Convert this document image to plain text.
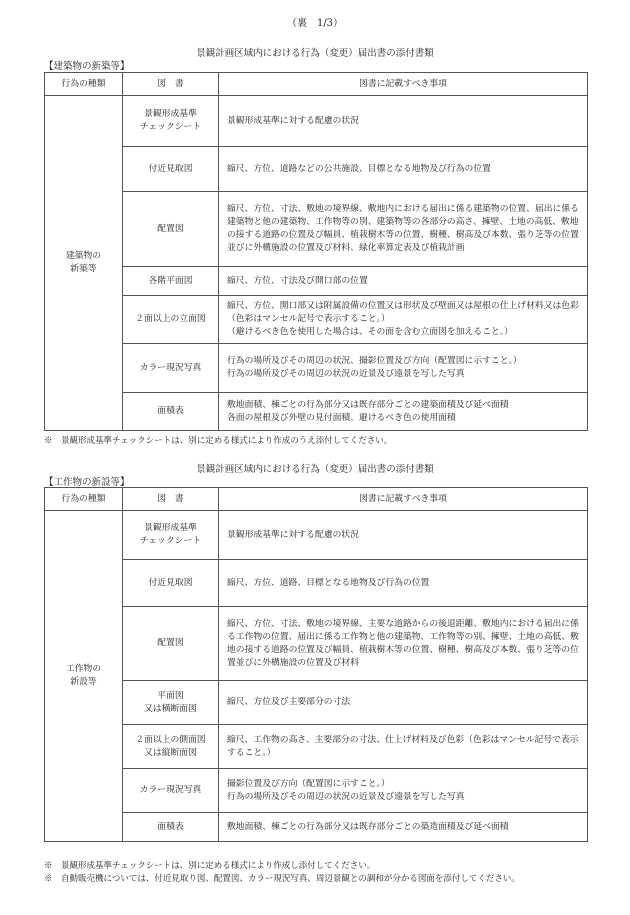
（裏　1/3）
景観計画区域内における行為（変更）届出書の添付書類
【建築物の新築等】
行為の種類	図　書	図書に記載すべき事項
建築物の
新築等	景観形成基準
チェックシート	景観形成基準に対する配慮の状況
	付近見取図	縮尺、方位、道路などの公共施設、目標となる地物及び行為の位置
	配置図	縮尺、方位、寸法、敷地の境界線、敷地内における届出に係る建築物の位置、届出に係る建築物と他の建築物、工作物等の別、建築物等の各部分の高さ、擁壁、土地の高低、敷地の接する道路の位置及び幅員、植栽樹木等の位置、樹種、樹高及び本数、張り芝等の位置並びに外構施設の位置及び材料、緑化率算定表及び植栽計画
	各階平面図	縮尺、方位、寸法及び開口部の位置
	２面以上の立面図	縮尺、方位、開口部又は附属設備の位置又は形状及び壁面又は屋根の仕上げ材料又は色彩（色彩はマンセル記号で表示すること。）
（避けるべき色を使用した場合は、その面を含む立面図を加えること。）
	カラー現況写真	行為の場所及びその周辺の状況、撮影位置及び方向（配置図に示すこと。）
行為の場所及びその周辺の状況の近景及び遠景を写した写真
	面積表	敷地面積、棟ごとの行為部分又は既存部分ごとの建築面積及び延べ面積
各面の屋根及び外壁の見付面積、避けるべき色の使用面積
※　景観形成基準チェックシートは、別に定める様式により作成のうえ添付してください。
景観計画区域内における行為（変更）届出書の添付書類
【工作物の新設等】
行為の種類	図　書	図書に記載すべき事項
工作物の
新設等	景観形成基準
チェックシート	景観形成基準に対する配慮の状況
	付近見取図	縮尺、方位、道路、目標となる地物及び行為の位置
	配置図	縮尺、方位、寸法、敷地の境界線、主要な道路からの後退距離、敷地内における届出に係る工作物の位置、届出に係る工作物と他の建築物、工作物等の別、擁壁、土地の高低、敷地の接する道路の位置及び幅員、植栽樹木等の位置、樹種、樹高及び本数、張り芝等の位置並びに外構施設の位置及び材料
	平面図
又は横断面図	縮尺、方位及び主要部分の寸法
	２面以上の側面図
又は縦断面図	縮尺、工作物の高さ、主要部分の寸法、仕上げ材料及び色彩（色彩はマンセル記号で表示すること。）
	カラー現況写真	撮影位置及び方向（配置図に示すこと。）
行為の場所及びその周辺の状況の近景及び遠景を写した写真
	面積表	敷地面積、棟ごとの行為部分又は既存部分ごとの築造面積及び延べ面積
※　景観形成基準チェックシートは、別に定める様式により作成し添付してください。
※　自動販売機については、付近見取り図、配置図、カラー現況写真、周辺景観との調和が分かる図面を添付してください。
